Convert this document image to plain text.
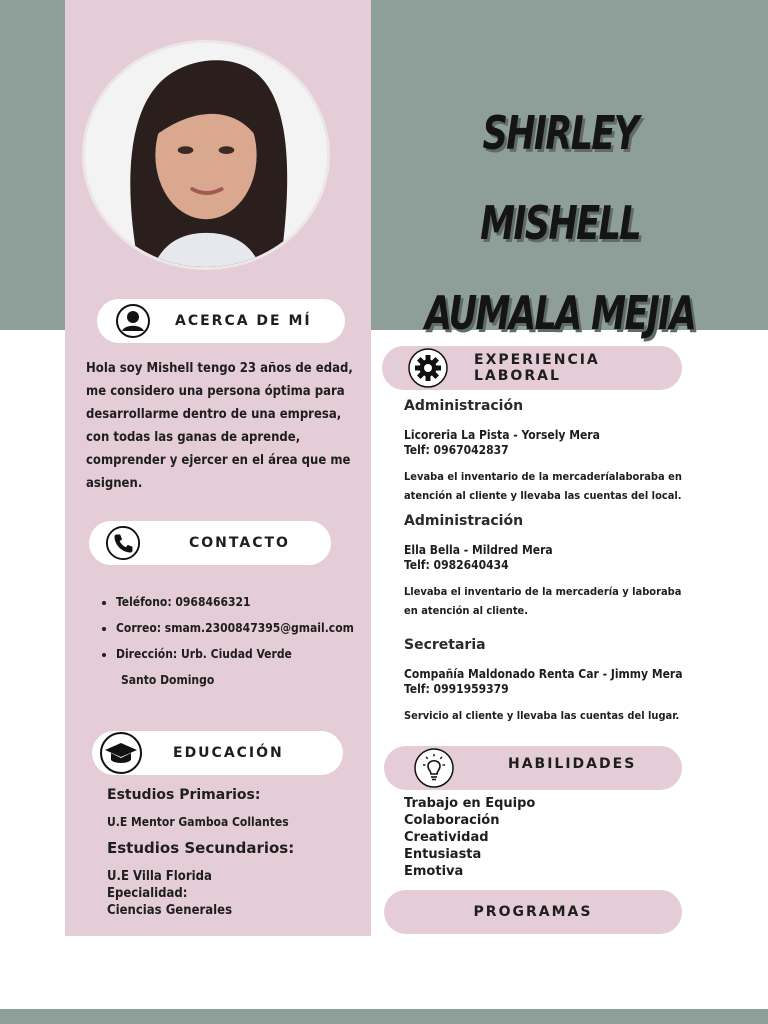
SHIRLEY MISHELL
AUMALA MEJIA
ACERCA DE MÍ
Hola soy Mishell tengo 23 años de edad, me considero una persona óptima para desarrollarme dentro de una empresa, con todas las ganas de aprende, comprender y ejercer en el área que me asignen.
CONTACTO
• Teléfono: 0968466321
• Correo: smam.2300847395@gmail.com
• Dirección: Urb. Ciudad Verde
Santo Domingo
EDUCACIÓN
Estudios Primarios:
U.E Mentor Gamboa Collantes
Estudios Secundarios:
U.E Villa Florida
Epecialidad:
Ciencias Generales
EXPERIENCIA LABORAL
Administración
Licoreria La Pista - Yorsely Mera
Telf: 0967042837
Levaba el inventario de la mercaderíalaboraba en atención al cliente y llevaba las cuentas del local.
Administración
Ella Bella - Mildred Mera
Telf: 0982640434
Llevaba el inventario de la mercadería y laboraba en atención al cliente.
Secretaria
Compañía Maldonado Renta Car - Jimmy Mera
Telf: 0991959379
Servicio al cliente y llevaba las cuentas del lugar.
HABILIDADES
Trabajo en Equipo
Colaboración
Creatividad
Entusiasta
Emotiva
PROGRAMAS
